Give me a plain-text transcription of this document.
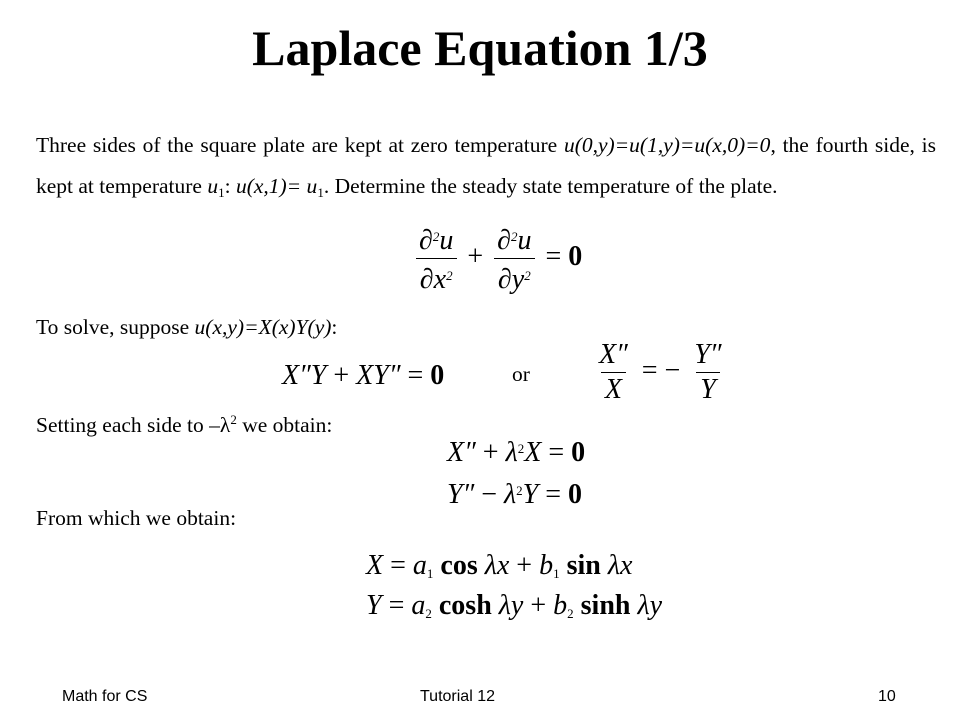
Laplace Equation 1/3
Three sides of the square plate are kept at zero temperature u(0,y)=u(1,y)=u(x,0)=0, the fourth side, is kept at temperature $u_1$: $u(x,1)= u_1$. Determine the steady state temperature of the plate.
$\frac{\partial^2u}{\partial x^2} + \frac{\partial^2u}{\partial y^2} = 0$
To solve, suppose u(x,y)=X(x)Y(y):
X″Y + XY″ = 0	or $\frac{X''}{X}$ = − $\frac{Y''}{Y}$
Setting each side to $-\lambda^2$ we obtain:
$X'' + \lambda^2X = 0$
$Y'' - \lambda^2Y = 0$
From which we obtain:
$X = a_1$ $\cos \lambda x + b_1$ sin λx
$Y = a_2$ $\cosh \lambda y + b_2$ sinh λy
Math for CS	Tutorial 12	10
